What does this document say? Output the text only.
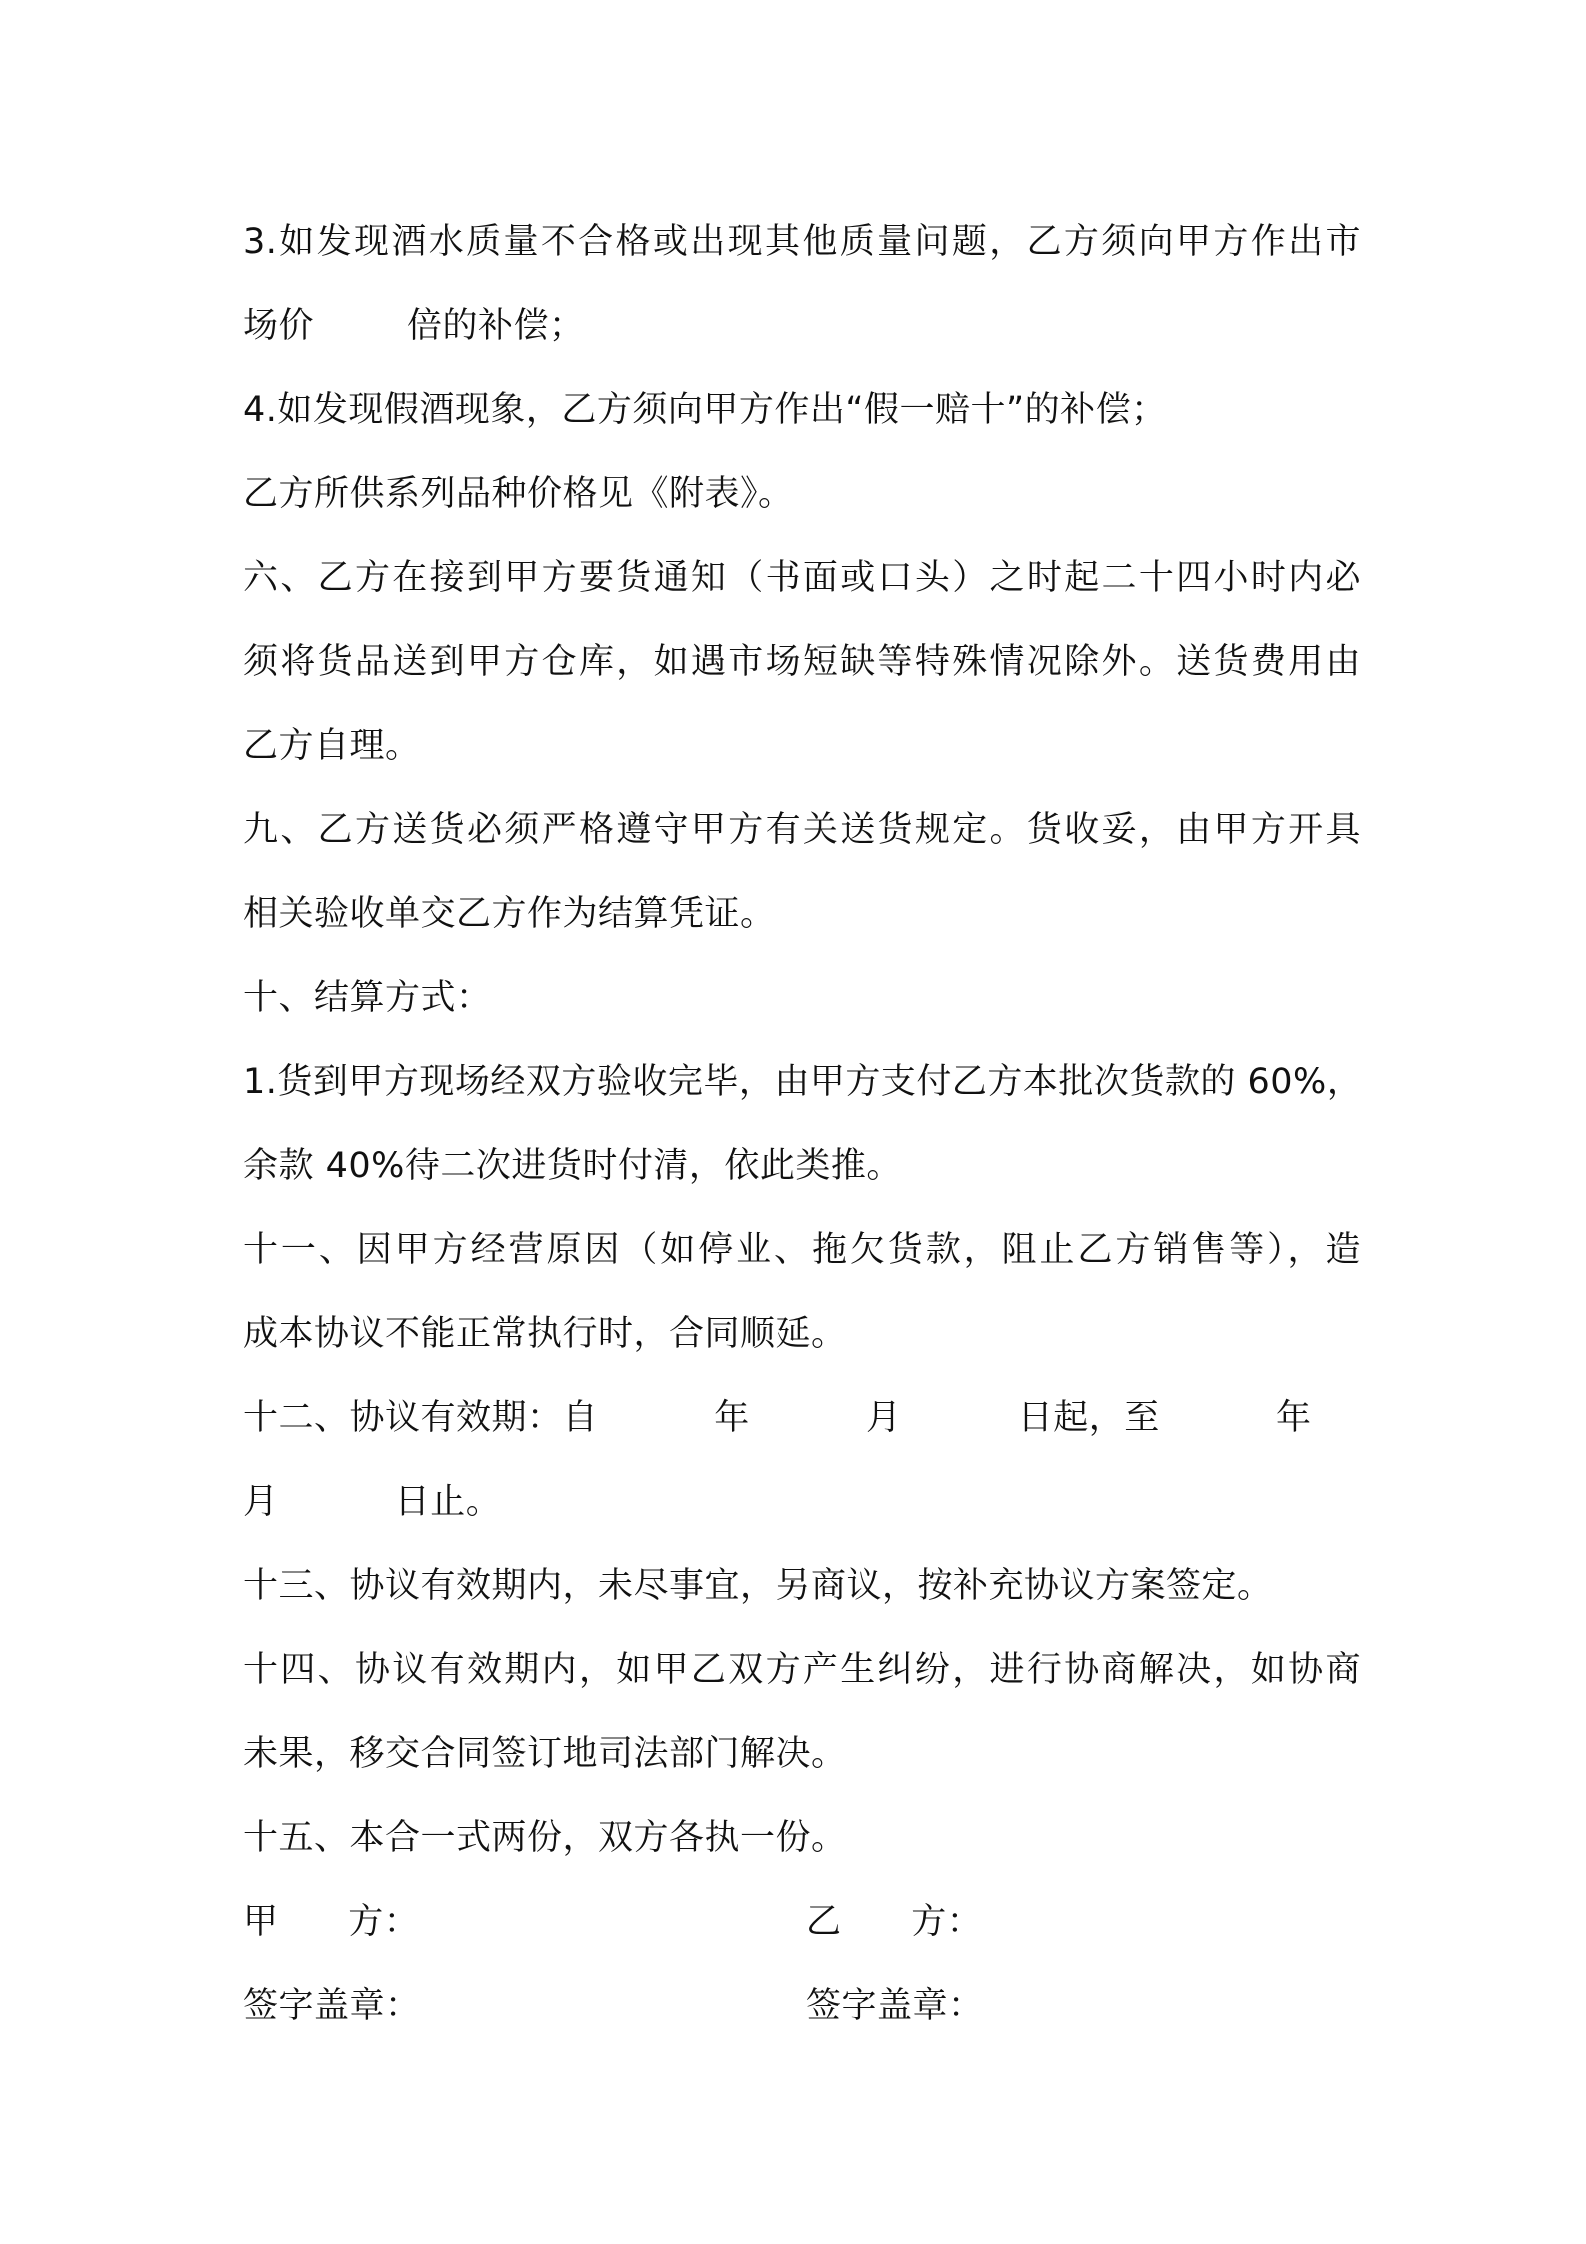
3.如发现酒水质量不合格或出现其他质量问题，乙方须向甲方作出市
场价        倍的补偿；
4.如发现假酒现象，乙方须向甲方作出“假一赔十”的补偿；
乙方所供系列品种价格见《附表》。
六、乙方在接到甲方要货通知（书面或口头）之时起二十四小时内必
须将货品送到甲方仓库，如遇市场短缺等特殊情况除外。送货费用由
乙方自理。
九、乙方送货必须严格遵守甲方有关送货规定。货收妥，由甲方开具
相关验收单交乙方作为结算凭证。
十、结算方式：
1.货到甲方现场经双方验收完毕，由甲方支付乙方本批次货款的 60%，
余款 40%待二次进货时付清，依此类推。
十一、因甲方经营原因（如停业、拖欠货款，阻止乙方销售等），造
成本协议不能正常执行时，合同顺延。
十二、协议有效期：自          年          月          日起，至          年
月          日止。
十三、协议有效期内，未尽事宜，另商议，按补充协议方案签定。
十四、协议有效期内，如甲乙双方产生纠纷，进行协商解决，如协商
未果，移交合同签订地司法部门解决。
十五、本合一式两份，双方各执一份。
甲      方：	乙      方：
签字盖章：	签字盖章：
